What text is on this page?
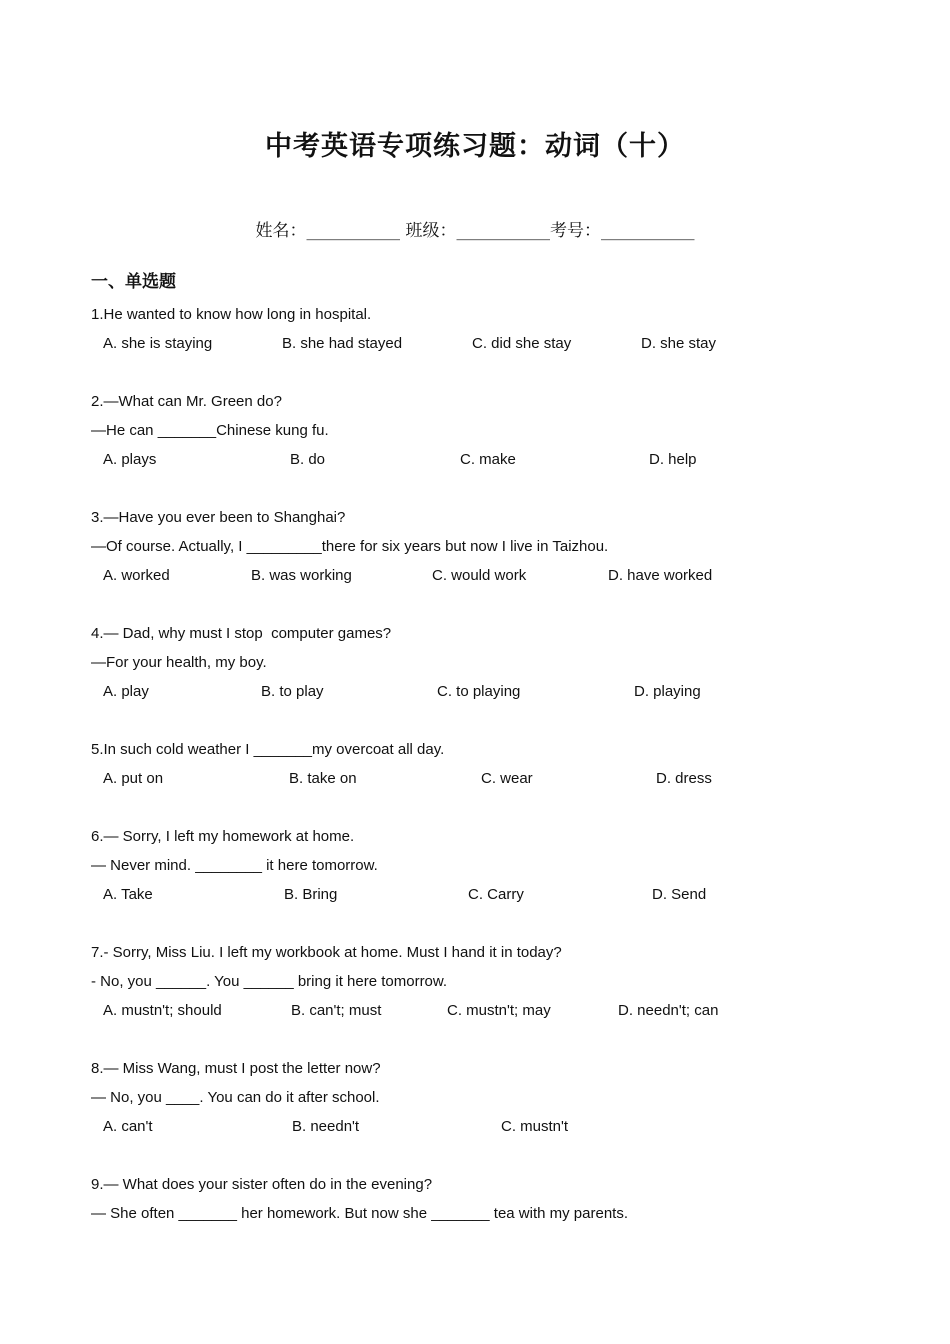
中考英语专项练习题：动词（十）
姓名：___________ 班级：___________考号：___________
一、单选题
1.He wanted to know how long in hospital.
A. she is staying	B. she had stayed	C. did she stay	D. she stay
2.—What can Mr. Green do?
—He can _______Chinese kung fu.
A. plays	B. do	C. make	D. help
3.—Have you ever been to Shanghai?
—Of course. Actually, I _________there for six years but now I live in Taizhou.
A. worked	B. was working	C. would work	D. have worked
4.— Dad, why must I stop  computer games?
—For your health, my boy.
A. play	B. to play	C. to playing	D. playing
5.In such cold weather I _______my overcoat all day.
A. put on	B. take on	C. wear	D. dress
6.— Sorry, I left my homework at home.
— Never mind. ________ it here tomorrow.
A. Take	B. Bring	C. Carry	D. Send
7.- Sorry, Miss Liu. I left my workbook at home. Must I hand it in today?
- No, you ______. You ______ bring it here tomorrow.
A. mustn't; should	B. can't; must	C. mustn't; may	D. needn't; can
8.— Miss Wang, must I post the letter now?
— No, you ____. You can do it after school.
A. can't	B. needn't	C. mustn't
9.— What does your sister often do in the evening?
— She often _______ her homework. But now she _______ tea with my parents.
